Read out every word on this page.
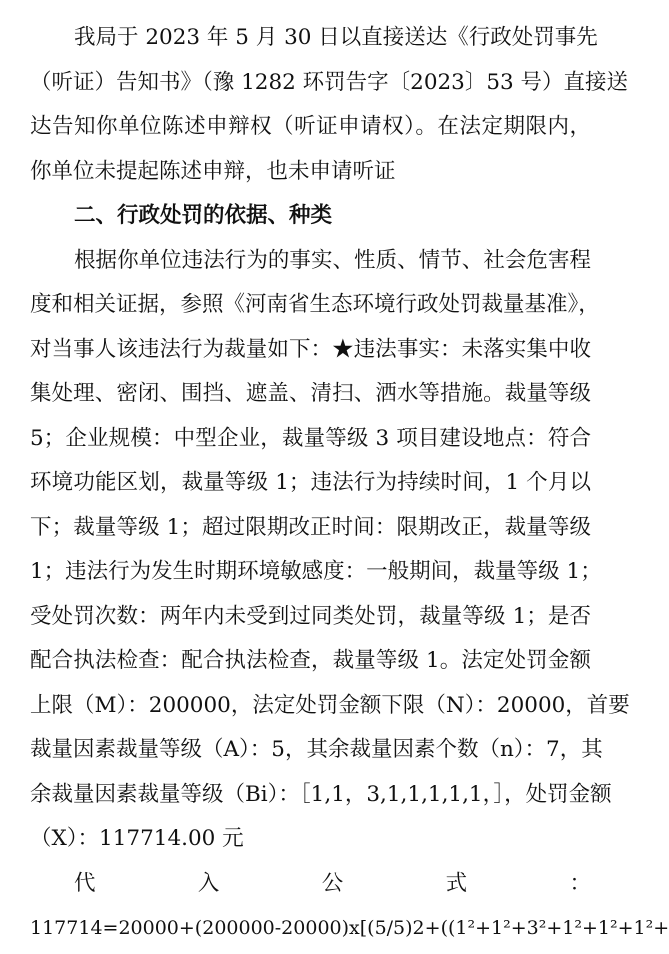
我局于 2023 年 5 月 30 日以直接送达《行政处罚事先
（听证）告知书》（豫 1282 环罚告字〔2023〕53 号）直接送
达告知你单位陈述申辩权（听证申请权）。在法定期限内，
你单位未提起陈述申辩，也未申请听证
二、行政处罚的依据、种类
根据你单位违法行为的事实、性质、情节、社会危害程
度和相关证据，参照《河南省生态环境行政处罚裁量基准》，
对当事人该违法行为裁量如下：★违法事实：未落实集中收
集处理、密闭、围挡、遮盖、清扫、洒水等措施。裁量等级
5；企业规模：中型企业，裁量等级 3 项目建设地点：符合
环境功能区划，裁量等级 1；违法行为持续时间，1 个月以
下；裁量等级 1；超过限期改正时间：限期改正，裁量等级
1；违法行为发生时期环境敏感度：一般期间，裁量等级 1；
受处罚次数：两年内未受到过同类处罚，裁量等级 1；是否
配合执法检查：配合执法检查，裁量等级 1。法定处罚金额
上限（M）：200000，法定处罚金额下限（N）：20000，首要
裁量因素裁量等级（A）：5，其余裁量因素个数（n）：7，其
余裁量因素裁量等级（Bi）：［1,1，3,1,1,1,1,1，］，处罚金额
（X）：117714.00 元
代	入	公	式	：
117714=20000+(200000-20000)x[(5/5)2+((1²+1²+3²+1²+1²+1²+
